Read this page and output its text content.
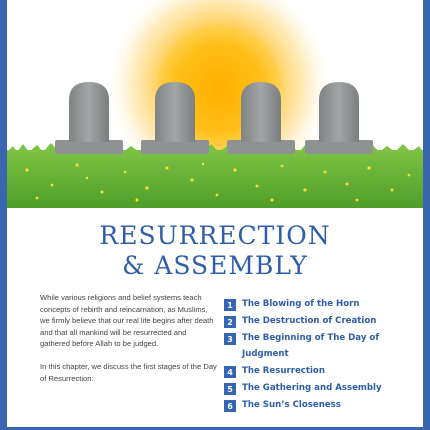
RESURRECTION
& ASSEMBLY

While various religions and belief systems teach concepts of rebirth and reincarnation, as Muslims, we firmly believe that our real life begins after death and that all mankind will be resurrected and gathered before Allah to be judged.

In this chapter, we discuss the first stages of the Day of Resurrection:

1	The Blowing of the Horn
2	The Destruction of Creation
3	The Beginning of The Day of Judgment
4	The Resurrection
5	The Gathering and Assembly
6	The Sun’s Closeness
